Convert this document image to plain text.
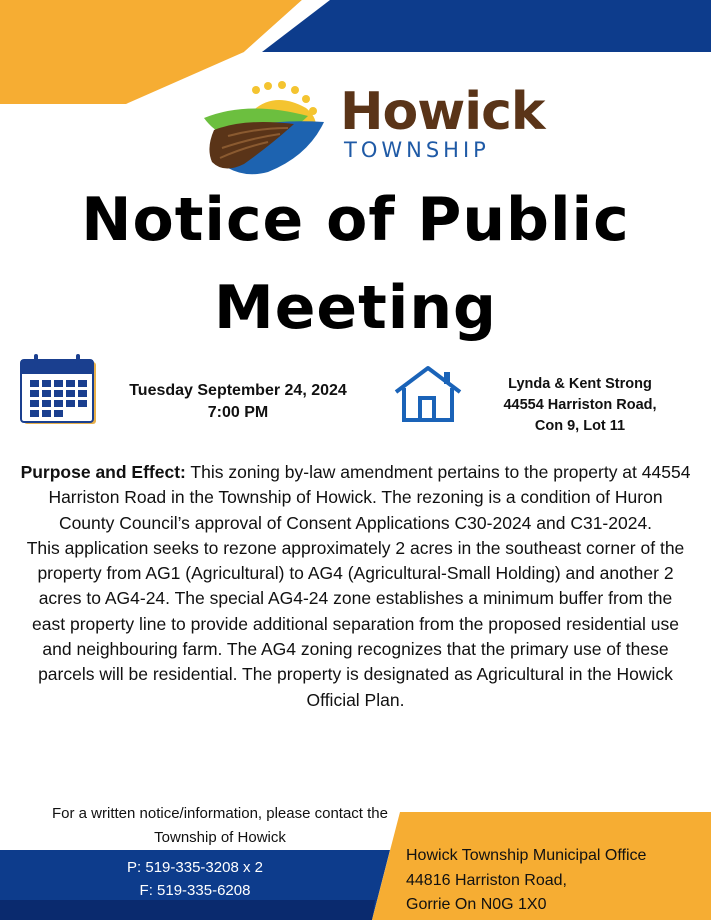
Howick
TOWNSHIP
Notice of Public
Meeting
Tuesday September 24, 2024
7:00 PM
Lynda & Kent Strong
44554 Harriston Road,
Con 9, Lot 11

Purpose and Effect: This zoning by-law amendment pertains to the property at 44554 Harriston Road in the Township of Howick. The rezoning is a condition of Huron County Council’s approval of Consent Applications C30-2024 and C31-2024.

This application seeks to rezone approximately 2 acres in the southeast corner of the property from AG1 (Agricultural) to AG4 (Agricultural-Small Holding) and another 2 acres to AG4-24. The special AG4-24 zone establishes a minimum buffer from the east property line to provide additional separation from the proposed residential use and neighbouring farm. The AG4 zoning recognizes that the primary use of these parcels will be residential. The property is designated as Agricultural in the Howick Official Plan.

For a written notice/information, please contact the
Township of Howick
P: 519-335-3208 x 2
F: 519-335-6208
Howick Township Municipal Office
44816 Harriston Road,
Gorrie On N0G 1X0
